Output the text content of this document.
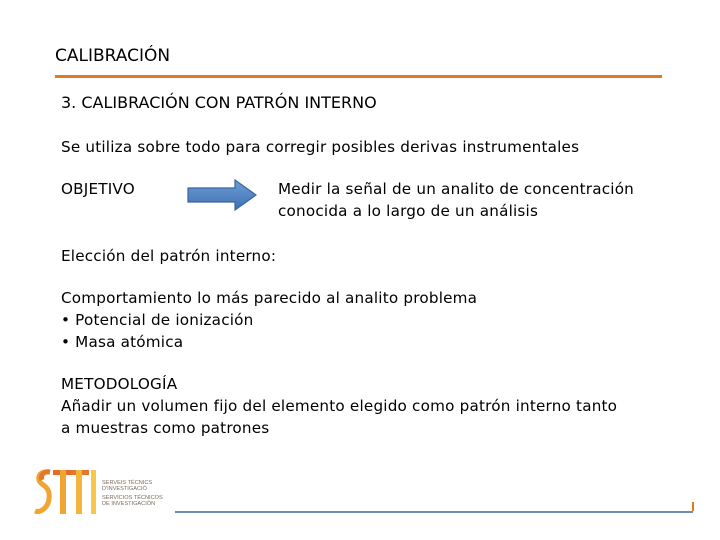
CALIBRACIÓN
3. CALIBRACIÓN CON PATRÓN INTERNO
Se utiliza sobre todo para corregir posibles derivas instrumentales
OBJETIVO	Medir la señal de un analito de concentración
conocida a lo largo de un análisis
Elección del patrón interno:
Comportamiento lo más parecido al analito problema
• Potencial de ionización
• Masa atómica
METODOLOGÍA
Añadir un volumen fijo del elemento elegido como patrón interno tanto
a muestras como patrones
SERVEIS TÈCNICS
D'INVESTIGACIÓ
SERVICIOS TÉCNICOS
DE INVESTIGACIÓN
